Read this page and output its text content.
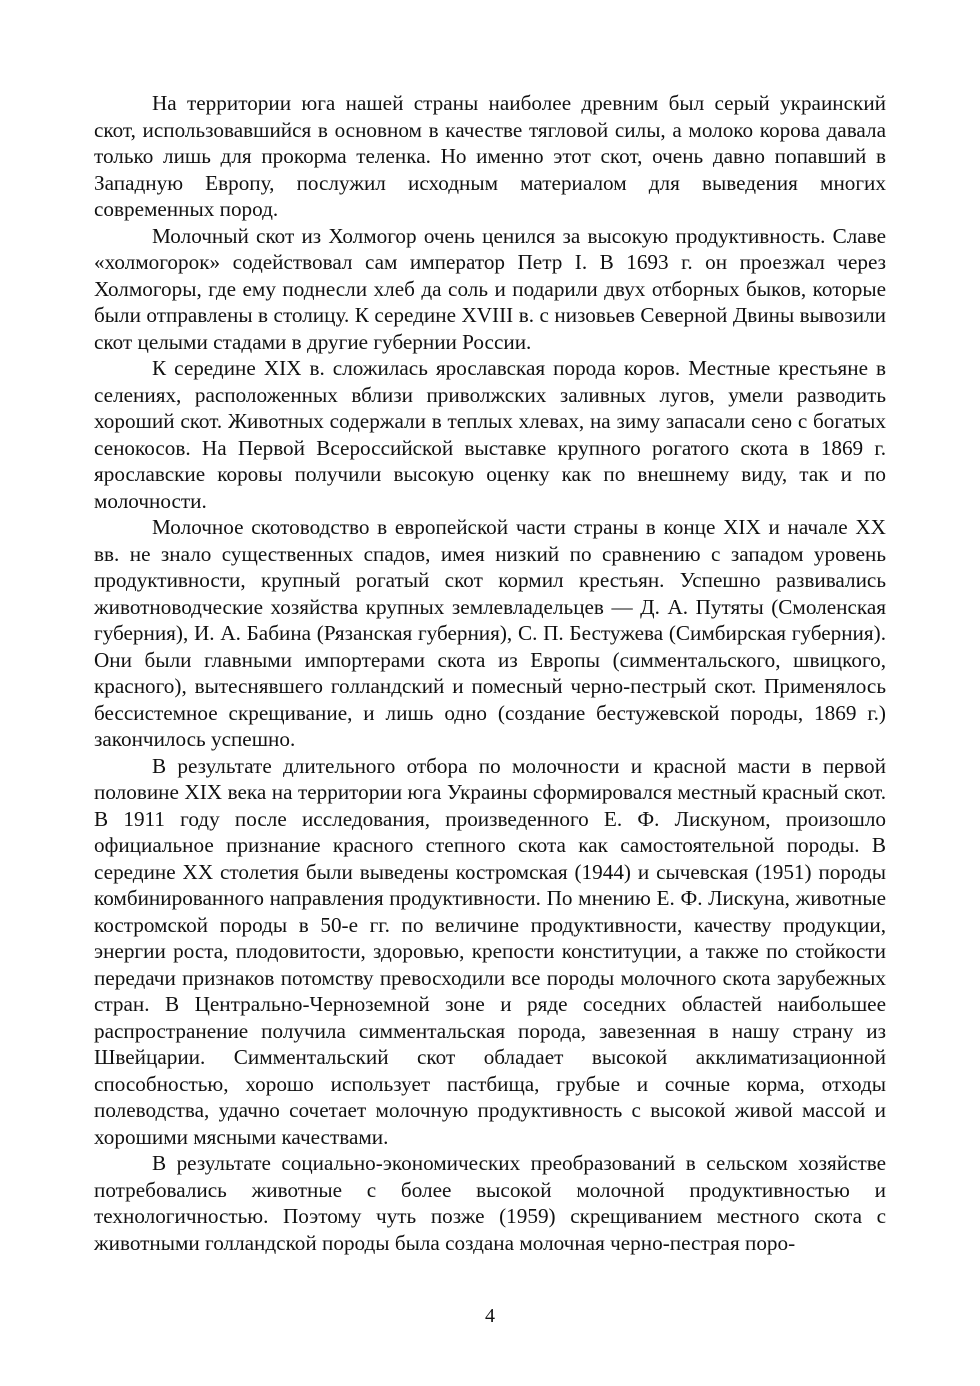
На территории юга нашей страны наиболее древним был серый украинский скот, использовавшийся в основном в качестве тягловой силы, а молоко корова давала только лишь для прокорма теленка. Но именно этот скот, очень давно попавший в Западную Европу, послужил исходным материалом для выведения многих современных пород.

Молочный скот из Холмогор очень ценился за высокую продуктивность. Славе «холмогорок» содействовал сам император Петр I. В 1693 г. он проезжал через Холмогоры, где ему поднесли хлеб да соль и подарили двух отборных быков, которые были отправлены в столицу. К середине XVIII в. с низовьев Северной Двины вывозили скот целыми стадами в другие губернии России.

К середине XIX в. сложилась ярославская порода коров. Местные крестьяне в селениях, расположенных вблизи приволжских заливных лугов, умели разводить хороший скот. Животных содержали в теплых хлевах, на зиму запасали сено с богатых сенокосов. На Первой Всероссийской выставке крупного рогатого скота в 1869 г. ярославские коровы получили высокую оценку как по внешнему виду, так и по молочности.

Молочное скотоводство в европейской части страны в конце XIX и начале XX вв. не знало существенных спадов, имея низкий по сравнению с западом уровень продуктивности, крупный рогатый скот кормил крестьян. Успешно развивались животноводческие хозяйства крупных землевладельцев — Д. А. Путяты (Смоленская губерния), И. А. Бабина (Рязанская губерния), С. П. Бестужева (Симбирская губерния). Они были главными импортерами скота из Европы (симментальского, швицкого, красного), вытеснявшего голландский и помесный черно-пестрый скот. Применялось бессистемное скрещивание, и лишь одно (создание бестужевской породы, 1869 г.) закончилось успешно.

В результате длительного отбора по молочности и красной масти в первой половине XIX века на территории юга Украины сформировался местный красный скот. В 1911 году после исследования, произведенного Е. Ф. Лискуном, произошло официальное признание красного степного скота как самостоятельной породы. В середине XX столетия были выведены костромская (1944) и сычевская (1951) породы комбинированного направления продуктивности. По мнению Е. Ф. Лискуна, животные костромской породы в 50-е гг. по величине продуктивности, качеству продукции, энергии роста, плодовитости, здоровью, крепости конституции, а также по стойкости передачи признаков потомству превосходили все породы молочного скота зарубежных стран. В Центрально-Черноземной зоне и ряде соседних областей наибольшее распространение получила симментальская порода, завезенная в нашу страну из Швейцарии. Симментальский скот обладает высокой акклиматизационной способностью, хорошо использует пастбища, грубые и сочные корма, отходы полеводства, удачно сочетает молочную продуктивность с высокой живой массой и хорошими мясными качествами.

В результате социально-экономических преобразований в сельском хозяйстве потребовались животные с более высокой молочной продуктивностью и технологичностью. Поэтому чуть позже (1959) скрещиванием местного скота с животными голландской породы была создана молочная черно-пестрая поро-

4
